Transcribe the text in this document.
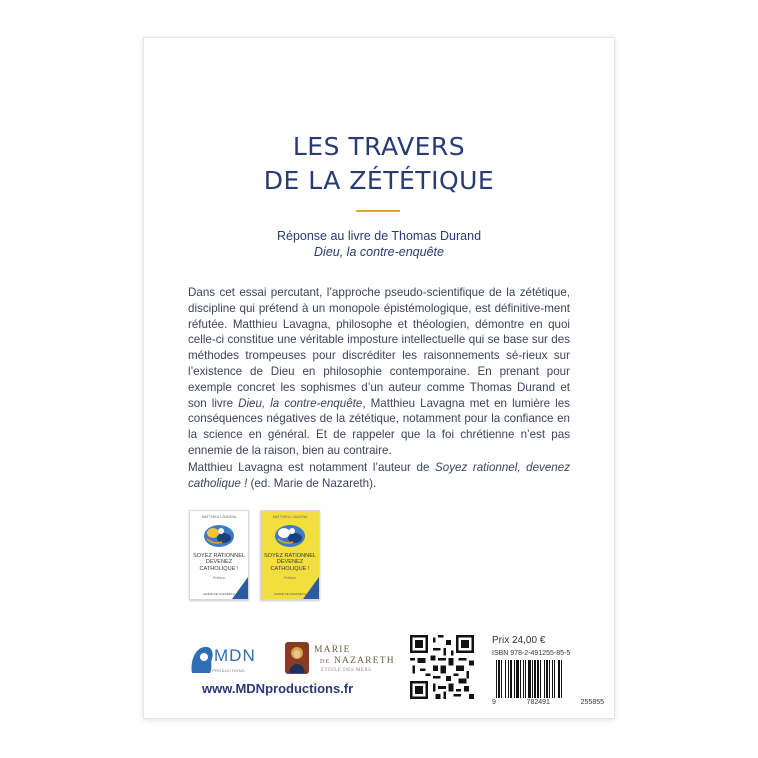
LES TRAVERS
DE LA ZÉTÉTIQUE
Réponse au livre de Thomas Durand
Dieu, la contre-enquête

Dans cet essai percutant, l’approche pseudo-scientifique de la zététique, discipline qui prétend à un monopole épistémologique, est définitive-ment réfutée. Matthieu Lavagna, philosophe et théologien, démontre en quoi celle-ci constitue une véritable imposture intellectuelle qui se base sur des méthodes trompeuses pour discréditer les raisonnements sé-rieux sur l’existence de Dieu en philosophie contemporaine. En prenant pour exemple concret les sophismes d’un auteur comme Thomas Durand et son livre Dieu, la contre-enquête, Matthieu Lavagna met en lumière les conséquences négatives de la zététique, notamment pour la confiance en la science en général. Et de rappeler que la foi chrétienne n’est pas ennemie de la raison, bien au contraire.

Matthieu Lavagna est notamment l’auteur de Soyez rationnel, devenez catholique ! (ed. Marie de Nazareth).

MATTHIEU LAVAGNA
SOYEZ RATIONNEL DEVENEZ CATHOLIQUE !
Préface
MARIE DE NAZARETH
MATTHIEU LAVAGNA
SOYEZ RATIONNEL DEVENEZ CATHOLIQUE !
Préface
MARIE DE NAZARETH
MDN
PRODUCTIONS
MARIE
DE NAZARETH
ÉTOILE DES MERS
www.MDNproductions.fr
Prix 24,00 €
ISBN 978-2-491255-85-5
9	782491	255855
